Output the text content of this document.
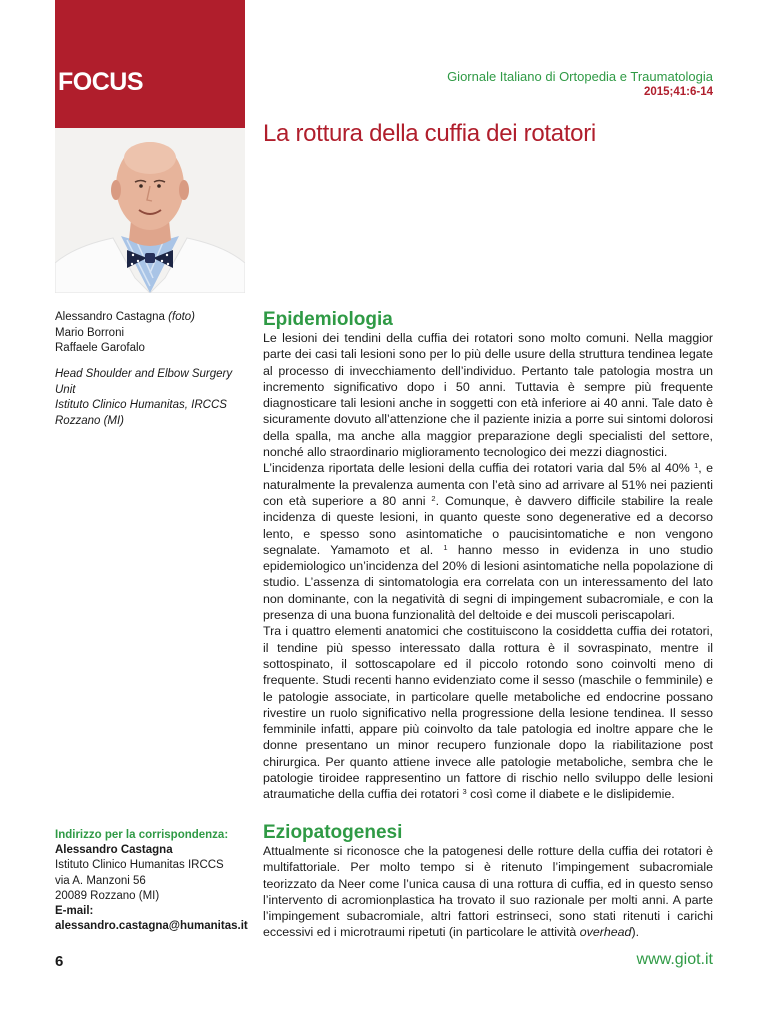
FOCUS	Giornale Italiano di Ortopedia e Traumatologia
2015;41:6-14
La rottura della cuffia dei rotatori
Alessandro Castagna (foto)
Mario Borroni
Raffaele Garofalo
Head Shoulder and Elbow Surgery Unit
Istituto Clinico Humanitas, IRCCS
Rozzano (MI)
Epidemiologia

Le lesioni dei tendini della cuffia dei rotatori sono molto comuni. Nella maggior parte dei casi tali lesioni sono per lo più delle usure della struttura tendinea legate al processo di invecchiamento dell’individuo. Pertanto tale patologia mostra un incremento significativo dopo i 50 anni. Tuttavia è sempre più frequente diagnosticare tali lesioni anche in soggetti con età inferiore ai 40 anni. Tale dato è sicuramente dovuto all’attenzione che il paziente inizia a porre sui sintomi dolorosi della spalla, ma anche alla maggior preparazione degli specialisti del settore, nonché allo straordinario miglioramento tecnologico dei mezzi diagnostici.

L’incidenza riportata delle lesioni della cuffia dei rotatori varia dal 5% al 40% $^1$, e naturalmente la prevalenza aumenta con l’età sino ad arrivare al 51% nei pazienti con età superiore a 80 anni $^2$. Comunque, è davvero difficile stabilire la reale incidenza di queste lesioni, in quanto queste sono degenerative ed a decorso lento, e spesso sono asintomatiche o paucisintomatiche e non vengono segnalate. Yamamoto et al. $^1$ hanno messo in evidenza in uno studio epidemiologico un’incidenza del 20% di lesioni asintomatiche nella popolazione di studio. L’assenza di sintomatologia era correlata con un interessamento del lato non dominante, con la negatività di segni di impingement subacromiale, e con la presenza di una buona funzionalità del deltoide e dei muscoli periscapolari.

Tra i quattro elementi anatomici che costituiscono la cosiddetta cuffia dei rotatori, il tendine più spesso interessato dalla rottura è il sovraspinato, mentre il sottospinato, il sottoscapolare ed il piccolo rotondo sono coinvolti meno di frequente. Studi recenti hanno evidenziato come il sesso (maschile o femminile) e le patologie associate, in particolare quelle metaboliche ed endocrine possano rivestire un ruolo significativo nella progressione della lesione tendinea. Il sesso femminile infatti, appare più coinvolto da tale patologia ed inoltre appare che le donne presentano un minor recupero funzionale dopo la riabilitazione post chirurgica. Per quanto attiene invece alle patologie metaboliche, sembra che le patologie tiroidee rappresentino un fattore di rischio nello sviluppo delle lesioni atraumatiche della cuffia dei rotatori $^3$ così come il diabete e le dislipidemie.

Eziopatogenesi

Attualmente si riconosce che la patogenesi delle rotture della cuffia dei rotatori è multifattoriale. Per molto tempo si è ritenuto l’impingement subacromiale teorizzato da Neer come l’unica causa di una rottura di cuffia, ed in questo senso l’intervento di acromionplastica ha trovato il suo razionale per molti anni. A parte l’impingement subacromiale, altri fattori estrinseci, sono stati ritenuti i carichi eccessivi ed i microtraumi ripetuti (in particolare le attività overhead).

Indirizzo per la corrispondenza:
Alessandro Castagna
Istituto Clinico Humanitas IRCCS
via A. Manzoni 56
20089 Rozzano (MI)
E-mail:
alessandro.castagna@humanitas.it
6	www.giot.it
